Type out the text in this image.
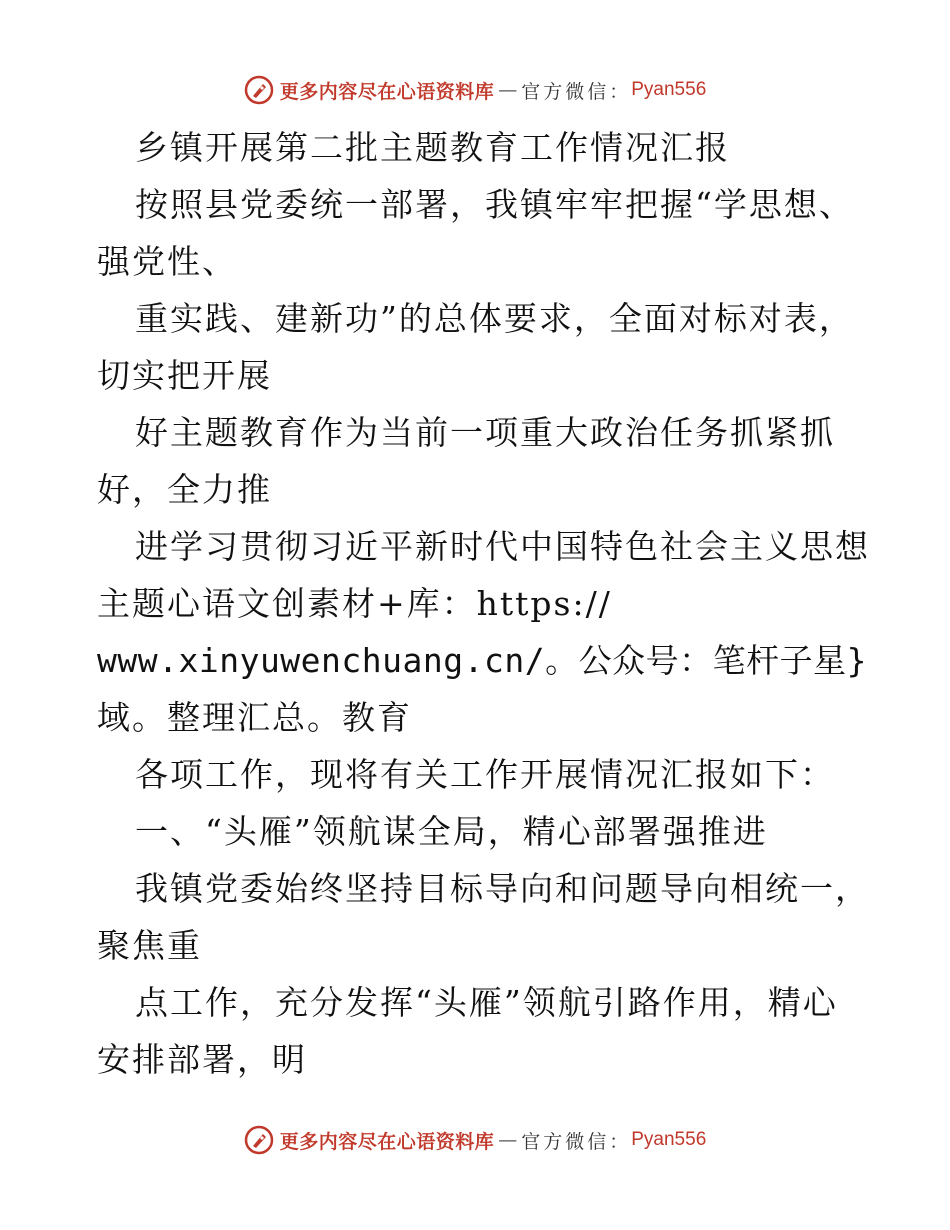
更多内容尽在心语资料库 — 官方微信： Pyan556
乡镇开展第二批主题教育工作情况汇报
按照县党委统一部署，我镇牢牢把握“学思想、
强党性、
重实践、建新功”的总体要求，全面对标对表，
切实把开展
好主题教育作为当前一项重大政治任务抓紧抓
好，全力推
进学习贯彻习近平新时代中国特色社会主义思想
主题心语文创素材+库：https://
www.xinyuwenchuang.cn/。公众号：笔杆子星}
域。整理汇总。教育
各项工作，现将有关工作开展情况汇报如下：
一、“头雁”领航谋全局，精心部署强推进
我镇党委始终坚持目标导向和问题导向相统一，
聚焦重
点工作，充分发挥“头雁”领航引路作用，精心
安排部署，明
更多内容尽在心语资料库 — 官方微信： Pyan556
